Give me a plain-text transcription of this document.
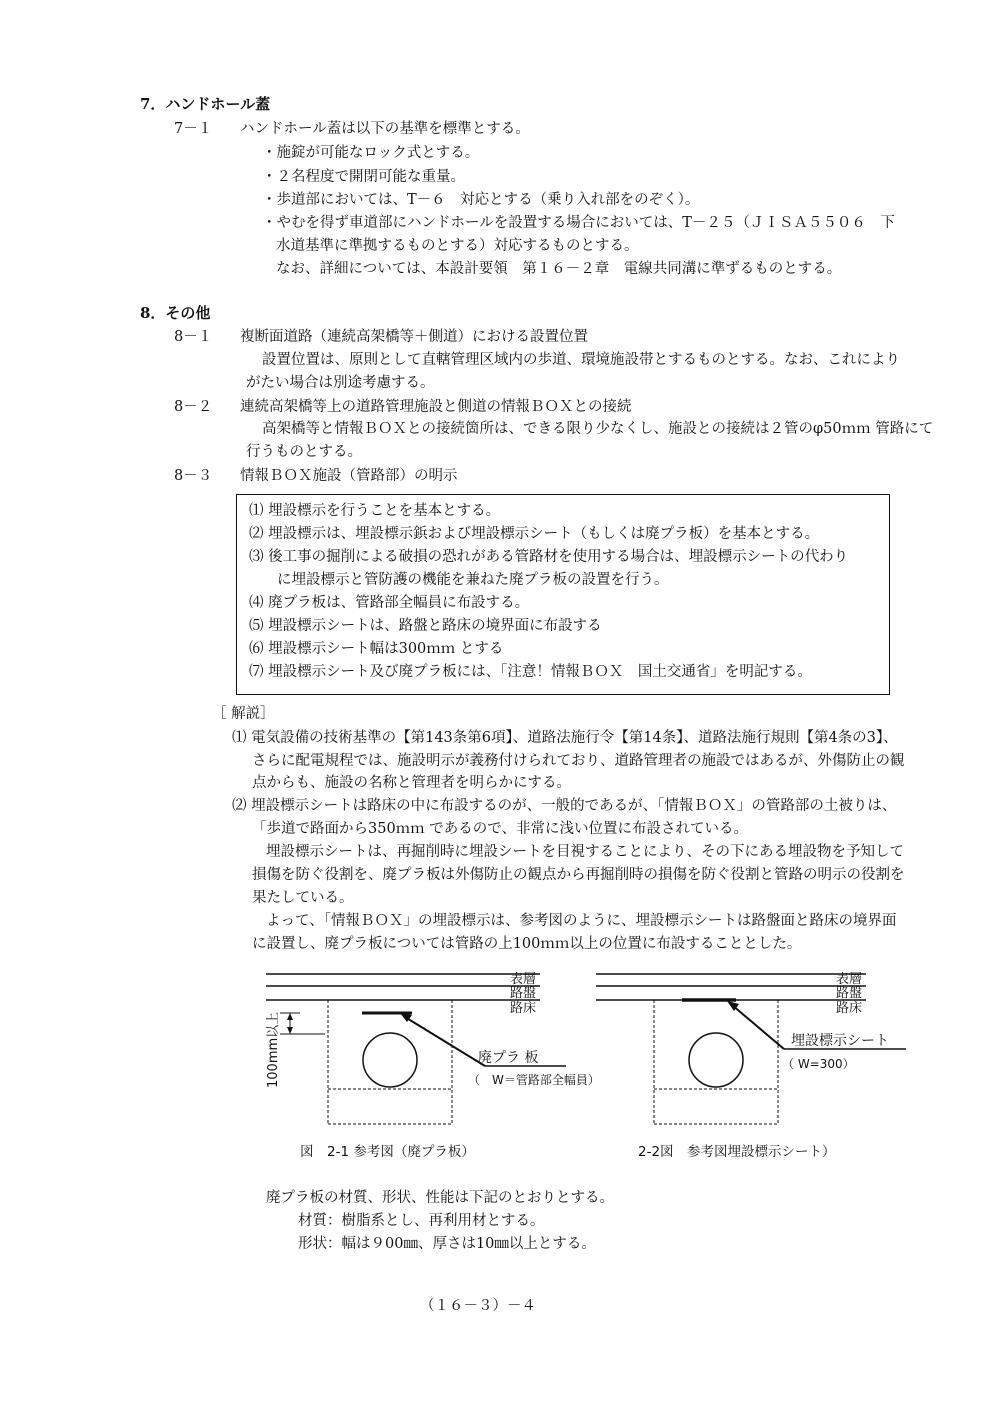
7．ハンドホール蓋
7－１ ハンドホール蓋は以下の基準を標準とする。
・施錠が可能なロック式とする。
・２名程度で開閉可能な重量。
・歩道部においては、T－６　対応とする（乗り入れ部をのぞく）。
・やむを得ず車道部にハンドホールを設置する場合においては、T－２５（ＪＩＳＡ５５０６　下
水道基準に準拠するものとする）対応するものとする。
なお、詳細については、本設計要領　第１６－２章　電線共同溝に準ずるものとする。
8．その他
8－１ 複断面道路（連続高架橋等＋側道）における設置位置
設置位置は、原則として直轄管理区域内の歩道、環境施設帯とするものとする。なお、これにより
がたい場合は別途考慮する。
8－２ 連続高架橋等上の道路管理施設と側道の情報ＢＯＸとの接続
高架橋等と情報ＢＯＸとの接続箇所は、できる限り少なくし、施設との接続は２管のφ50ｍｍ 管路にて
行うものとする。
8－３ 情報ＢＯＸ施設（管路部）の明示
⑴ 埋設標示を行うことを基本とする。
⑵ 埋設標示は、埋設標示鋲および埋設標示シート（もしくは廃プラ板）を基本とする。
⑶ 後工事の掘削による破損の恐れがある管路材を使用する場合は、埋設標示シートの代わり
に埋設標示と管防護の機能を兼ねた廃プラ板の設置を行う。
⑷ 廃プラ板は、管路部全幅員に布設する。
⑸ 埋設標示シートは、路盤と路床の境界面に布設する
⑹ 埋設標示シート幅は300ｍｍ とする
⑺ 埋設標示シート及び廃プラ板には、「注意！情報ＢＯＸ　国土交通省」を明記する。
［ 解説］
⑴ 電気設備の技術基準の【第143条第6項】、道路法施行令【第14条】、道路法施行規則【第4条の3】、
さらに配電規程では、施設明示が義務付けられており、道路管理者の施設ではあるが、外傷防止の観
点からも、施設の名称と管理者を明らかにする。
⑵ 埋設標示シートは路床の中に布設するのが、一般的であるが、「情報ＢＯＸ」の管路部の土被りは、
「歩道で路面から350ｍｍ であるので、非常に浅い位置に布設されている。
埋設標示シートは、再掘削時に埋設シートを目視することにより、その下にある埋設物を予知して
損傷を防ぐ役割を、廃プラ板は外傷防止の観点から再掘削時の損傷を防ぐ役割と管路の明示の役割を
果たしている。
よって、「情報ＢＯＸ」の埋設標示は、参考図のように、埋設標示シートは路盤面と路床の境界面
に設置し、廃プラ板については管路の上100ｍｍ以上の位置に布設することとした。
表層
路盤
路床
100mm以上	廃プラ 板
（　W＝管路部全幅員）
図　2-1 参考図（廃プラ板）
表層
路盤
路床
埋設標示シート
（ W=300）
2-2図　参考図埋設標示シート）
廃プラ板の材質、形状、性能は下記のとおりとする。
材質：樹脂系とし、再利用材とする。
形状：幅は９00㎜、厚さは10㎜以上とする。
（１６－３）－４
